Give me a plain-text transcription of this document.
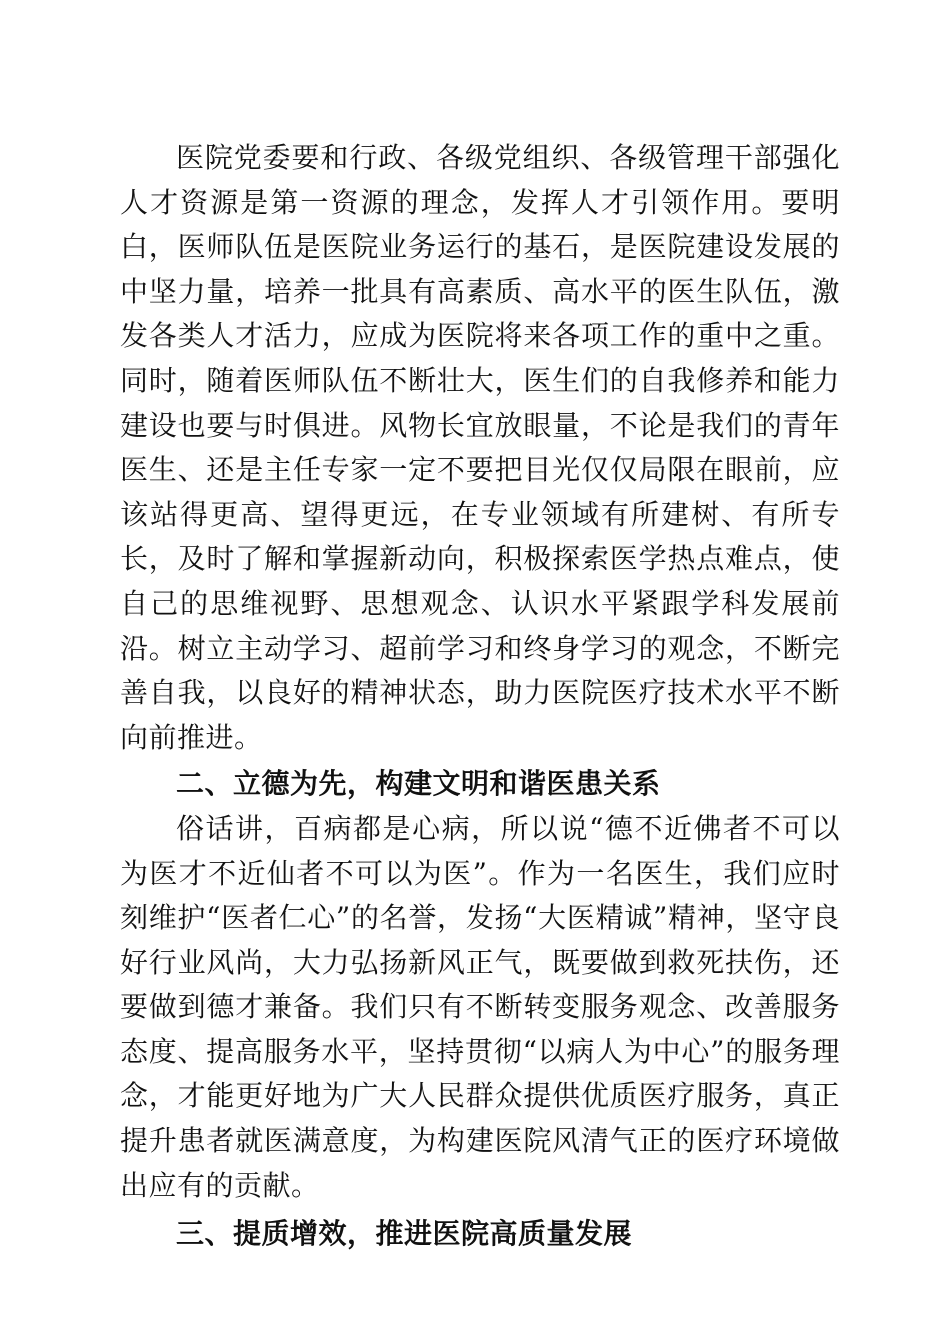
医院党委要和行政、各级党组织、各级管理干部强化人才资源是第一资源的理念，发挥人才引领作用。要明白，医师队伍是医院业务运行的基石，是医院建设发展的中坚力量，培养一批具有高素质、高水平的医生队伍，激发各类人才活力，应成为医院将来各项工作的重中之重。同时，随着医师队伍不断壮大，医生们的自我修养和能力建设也要与时俱进。风物长宜放眼量，不论是我们的青年医生、还是主任专家一定不要把目光仅仅局限在眼前，应该站得更高、望得更远，在专业领域有所建树、有所专长，及时了解和掌握新动向，积极探索医学热点难点，使自己的思维视野、思想观念、认识水平紧跟学科发展前沿。树立主动学习、超前学习和终身学习的观念，不断完善自我，以良好的精神状态，助力医院医疗技术水平不断向前推进。

二、立德为先，构建文明和谐医患关系

俗话讲，百病都是心病，所以说“德不近佛者不可以为医才不近仙者不可以为医”。作为一名医生，我们应时刻维护“医者仁心”的名誉，发扬“大医精诚”精神，坚守良好行业风尚，大力弘扬新风正气，既要做到救死扶伤，还要做到德才兼备。我们只有不断转变服务观念、改善服务态度、提高服务水平，坚持贯彻“以病人为中心”的服务理念，才能更好地为广大人民群众提供优质医疗服务，真正提升患者就医满意度，为构建医院风清气正的医疗环境做出应有的贡献。

三、提质增效，推进医院高质量发展
